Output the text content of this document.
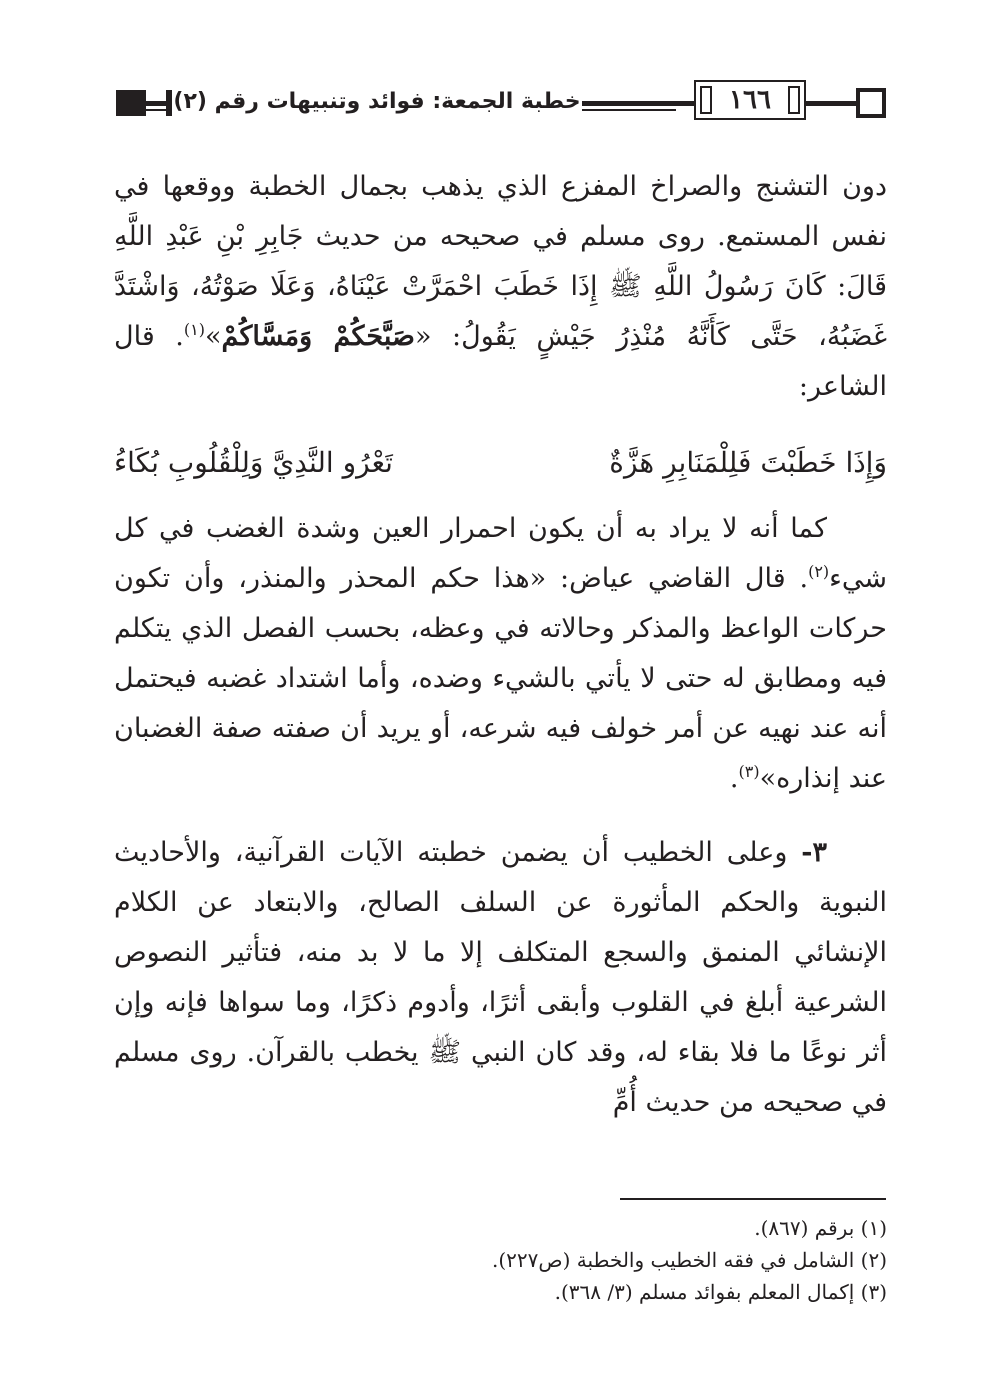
خطبة الجمعة: فوائد وتنبيهات رقم (٢)	١٦٦

دون التشنج والصراخ المفزع الذي يذهب بجمال الخطبة ووقعها في نفس المستمع. روى مسلم في صحيحه من حديث جَابِرِ بْنِ عَبْدِ اللَّهِ قَالَ: كَانَ رَسُولُ اللَّهِ ﷺ إِذَا خَطَبَ احْمَرَّتْ عَيْنَاهُ، وَعَلَا صَوْتُهُ، وَاشْتَدَّ غَضَبُهُ، حَتَّى كَأَنَّهُ مُنْذِرُ جَيْشٍ يَقُولُ: «صَبَّحَكُمْ وَمَسَّاكُمْ»$^{(١)}$. قال الشاعر:

وَإِذَا خَطَبْتَ فَلِلْمَنَابِرِ هَزَّةٌ
تَعْرُو النَّدِيَّ وَلِلْقُلُوبِ بُكَاءُ

كما أنه لا يراد به أن يكون احمرار العين وشدة الغضب في كل شيء$^{(٢)}$. قال القاضي عياض: «هذا حكم المحذر والمنذر، وأن تكون حركات الواعظ والمذكر وحالاته في وعظه، بحسب الفصل الذي يتكلم فيه ومطابق له حتى لا يأتي بالشيء وضده، وأما اشتداد غضبه فيحتمل أنه عند نهيه عن أمر خولف فيه شرعه، أو يريد أن صفته صفة الغضبان عند إنذاره»$^{(٣)}$.

٣- وعلى الخطيب أن يضمن خطبته الآيات القرآنية، والأحاديث النبوية والحكم المأثورة عن السلف الصالح، والابتعاد عن الكلام الإنشائي المنمق والسجع المتكلف إلا ما لا بد منه، فتأثير النصوص الشرعية أبلغ في القلوب وأبقى أثرًا، وأدوم ذكرًا، وما سواها فإنه وإن أثر نوعًا ما فلا بقاء له، وقد كان النبي ﷺ يخطب بالقرآن. روى مسلم في صحيحه من حديث أُمِّ

(١) برقم (٨٦٧).
(٢) الشامل في فقه الخطيب والخطبة (ص٢٢٧).
(٣) إكمال المعلم بفوائد مسلم (٣/ ٣٦٨).
